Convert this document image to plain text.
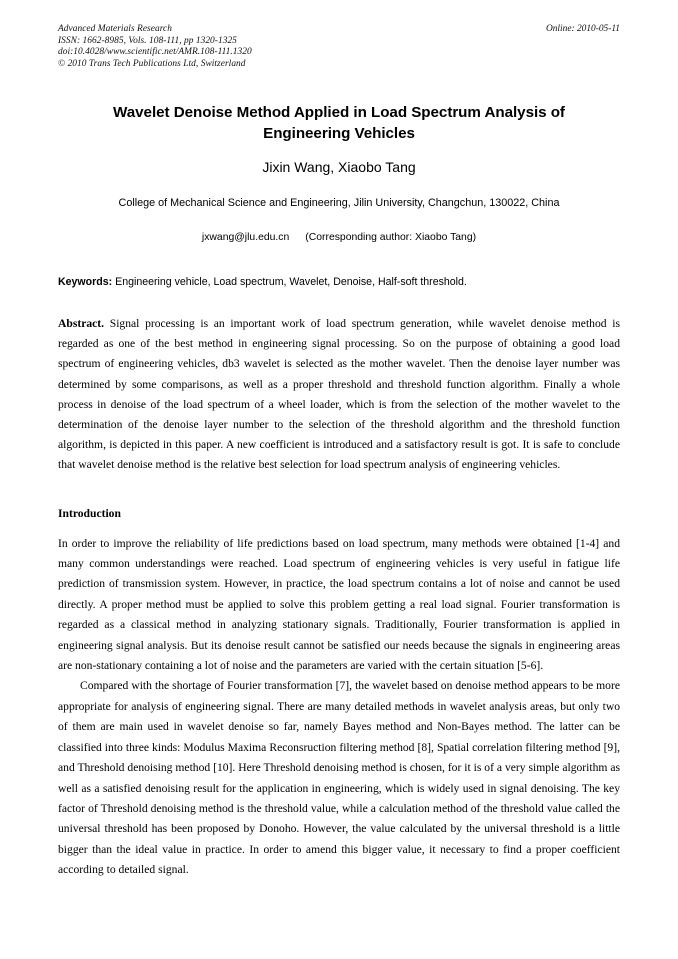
Advanced Materials Research
ISSN: 1662-8985, Vols. 108-111, pp 1320-1325
doi:10.4028/www.scientific.net/AMR.108-111.1320
© 2010 Trans Tech Publications Ltd, Switzerland
Online: 2010-05-11
Wavelet Denoise Method Applied in Load Spectrum Analysis of Engineering Vehicles
Jixin Wang, Xiaobo Tang
College of Mechanical Science and Engineering, Jilin University, Changchun, 130022, China
jxwang@jlu.edu.cn (Corresponding author: Xiaobo Tang)
Keywords: Engineering vehicle, Load spectrum, Wavelet, Denoise, Half-soft threshold.
Abstract. Signal processing is an important work of load spectrum generation, while wavelet denoise method is regarded as one of the best method in engineering signal processing. So on the purpose of obtaining a good load spectrum of engineering vehicles, db3 wavelet is selected as the mother wavelet. Then the denoise layer number was determined by some comparisons, as well as a proper threshold and threshold function algorithm. Finally a whole process in denoise of the load spectrum of a wheel loader, which is from the selection of the mother wavelet to the determination of the denoise layer number to the selection of the threshold algorithm and the threshold function algorithm, is depicted in this paper. A new coefficient is introduced and a satisfactory result is got. It is safe to conclude that wavelet denoise method is the relative best selection for load spectrum analysis of engineering vehicles.
Introduction
In order to improve the reliability of life predictions based on load spectrum, many methods were obtained [1-4] and many common understandings were reached. Load spectrum of engineering vehicles is very useful in fatigue life prediction of transmission system. However, in practice, the load spectrum contains a lot of noise and cannot be used directly. A proper method must be applied to solve this problem getting a real load signal. Fourier transformation is regarded as a classical method in analyzing stationary signals. Traditionally, Fourier transformation is applied in engineering signal analysis. But its denoise result cannot be satisfied our needs because the signals in engineering areas are non-stationary containing a lot of noise and the parameters are varied with the certain situation [5-6].
Compared with the shortage of Fourier transformation [7], the wavelet based on denoise method appears to be more appropriate for analysis of engineering signal. There are many detailed methods in wavelet analysis areas, but only two of them are main used in wavelet denoise so far, namely Bayes method and Non-Bayes method. The latter can be classified into three kinds: Modulus Maxima Reconsruction filtering method [8], Spatial correlation filtering method [9], and Threshold denoising method [10]. Here Threshold denoising method is chosen, for it is of a very simple algorithm as well as a satisfied denoising result for the application in engineering, which is widely used in signal denoising. The key factor of Threshold denoising method is the threshold value, while a calculation method of the threshold value called the universal threshold has been proposed by Donoho. However, the value calculated by the universal threshold is a little bigger than the ideal value in practice. In order to amend this bigger value, it necessary to find a proper coefficient according to detailed signal.
